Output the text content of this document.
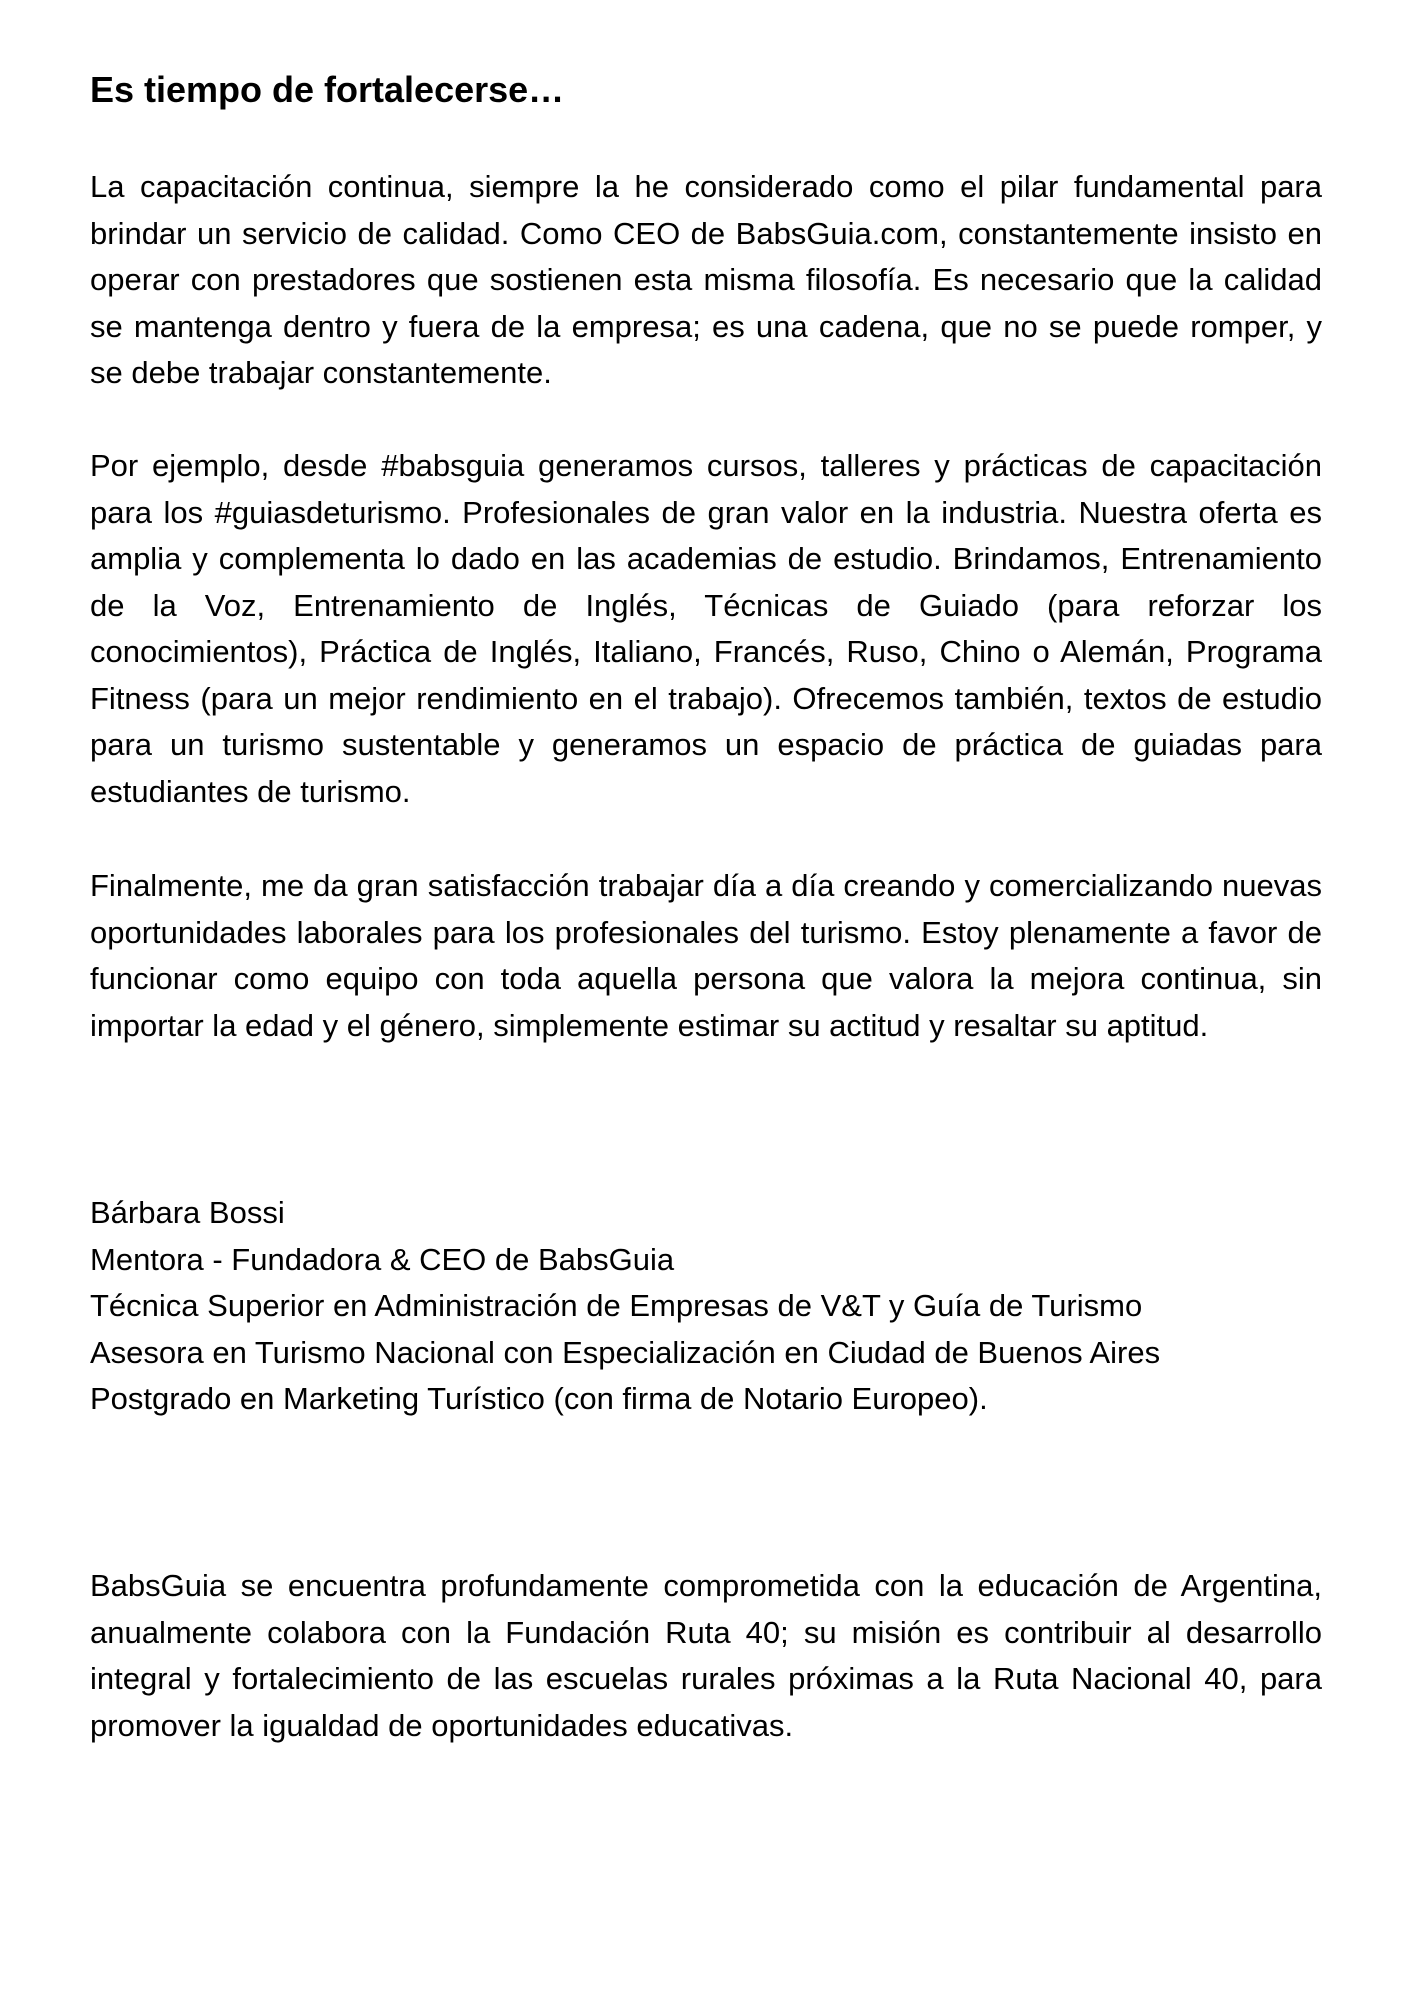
Es tiempo de fortalecerse…

La capacitación continua, siempre la he considerado como el pilar fundamental para brindar un servicio de calidad. Como CEO de BabsGuia.com, constantemente insisto en operar con prestadores que sostienen esta misma filosofía. Es necesario que la calidad se mantenga dentro y fuera de la empresa; es una cadena, que no se puede romper, y se debe trabajar constantemente.

Por ejemplo, desde #babsguia generamos cursos, talleres y prácticas de capacitación para los #guiasdeturismo. Profesionales de gran valor en la industria. Nuestra oferta es amplia y complementa lo dado en las academias de estudio. Brindamos, Entrenamiento de la Voz, Entrenamiento de Inglés, Técnicas de Guiado (para reforzar los conocimientos), Práctica de Inglés, Italiano, Francés, Ruso, Chino o Alemán, Programa Fitness (para un mejor rendimiento en el trabajo). Ofrecemos también, textos de estudio para un turismo sustentable y generamos un espacio de práctica de guiadas para estudiantes de turismo.

Finalmente, me da gran satisfacción trabajar día a día creando y comercializando nuevas oportunidades laborales para los profesionales del turismo. Estoy plenamente a favor de funcionar como equipo con toda aquella persona que valora la mejora continua, sin importar la edad y el género, simplemente estimar su actitud y resaltar su aptitud.

Bárbara Bossi
Mentora - Fundadora & CEO de BabsGuia
Técnica Superior en Administración de Empresas de V&T y Guía de Turismo
Asesora en Turismo Nacional con Especialización en Ciudad de Buenos Aires
Postgrado en Marketing Turístico (con firma de Notario Europeo).

BabsGuia se encuentra profundamente comprometida con la educación de Argentina, anualmente colabora con la Fundación Ruta 40; su misión es contribuir al desarrollo integral y fortalecimiento de las escuelas rurales próximas a la Ruta Nacional 40, para promover la igualdad de oportunidades educativas.
